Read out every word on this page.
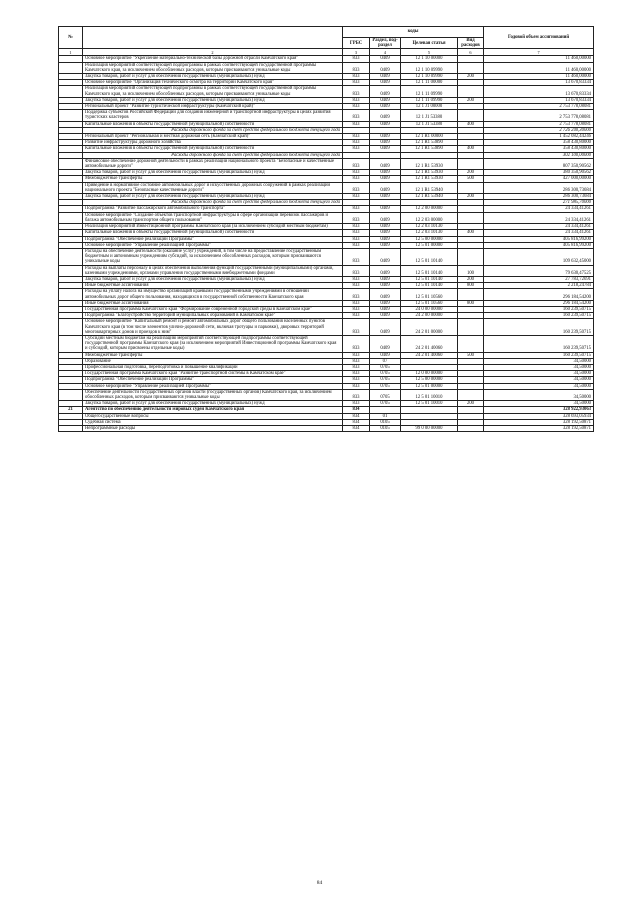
№		коды				Годовой объем ассигнований
		ГРБС	Раздел, под- раздел	Целевая статья	Вид расходов	
1	2	3	4	5	6	7
	Основное мероприятие "Укрепление материально-технической базы дорожной отрасли Камчатского края"	833	0409	12 1 10 00000		11 460,00000
	Реализация мероприятий соответствующей подпрограммы в рамках соответствующей государственной программы Камчатского края, за исключением обособленных расходов, которым присваиваются уникальные коды	833	0409	12 1 10 09990		11 460,00000
	Закупка товаров, работ и услуг для обеспечения государственных (муниципальных) нужд	833	0409	12 1 10 09990	200	11 460,00000
	Основное мероприятие "Организация технического осмотра на территории Камчатского края"	833	0409	12 1 11 00000		13 670,83334
	Реализация мероприятий соответствующей подпрограммы в рамках соответствующей государственной программы Камчатского края, за исключением обособленных расходов, которым присваиваются уникальные коды	833	0409	12 1 11 09990		13 670,83334
	Закупка товаров, работ и услуг для обеспечения государственных (муниципальных) нужд	833	0409	12 1 11 09990	200	13 670,83334
	Региональный проект "Развитие туристической инфраструктуры (Камчатский край)"	833	0409	12 1 J1 00000		2 753 778,08081
	Поддержка субъектов Российской Федерации для создания инженерной и транспортной инфраструктуры в целях развития туристских кластеров	833	0409	12 1 J1 53380		2 753 778,08081
	Капитальные вложения в объекты государственной (муниципальной) собственности	833	0409	12 1 J1 53380	400	2 753 778,08081
	Расходы дорожного фонда за счет средств федерального бюджета текущего года					2 726 240,30000
	Региональный проект "Региональная и местная дорожная сеть (Камчатский край)"	833	0409	12 1 R1 00000		1 452 082,44246
	Развитие инфраструктуры дорожного хозяйства	833	0409	12 1 R1 53890		358 430,80000
	Капитальные вложения в объекты государственной (муниципальной) собственности	833	0409	12 1 R1 53890	400	358 430,80000
	Расходы дорожного фонда за счет средств федерального бюджета текущего года					302 100,00000
	Финансовое обеспечение дорожной деятельности в рамках реализации национального проекта "Безопасные и качественные автомобильные дороги"	833	0409	12 1 R1 53930		807 350,90562
	Закупка товаров, работ и услуг для обеспечения государственных (муниципальных) нужд	833	0409	12 1 R1 53930	200	380 350,90562
	Межбюджетные трансферты	833	0409	12 1 R1 53930	500	427 000,00000
	Приведение в нормативное состояние автомобильных дорог и искусственных дорожных сооружений в рамках реализации национального проекта "Безопасные качественные дороги"	833	0409	12 1 R1 53940		286 300,73684
	Закупка товаров, работ и услуг для обеспечения государственных (муниципальных) нужд	833	0409	12 1 R1 53940	200	286 300,73684
	Расходы дорожного фонда за счет средств федерального бюджета текущего года					271 985,70000
	Подпрограмма "Развитие пассажирского автомобильного транспорта"	833	0409	12 2 00 00000		24 334,41261
	Основное мероприятие "Создание объектов транспортной инфраструктуры в сфере организации перевозок пассажиров и багажа автомобильным транспортом общего пользования"	833	0409	12 2 03 00000		24 334,41261
	Реализация мероприятий Инвестиционной программы Камчатского края (за исключением субсидий местным бюджетам)	833	0409	12 2 03 10130		24 334,41261
	Капитальные вложения в объекты государственной (муниципальной) собственности	833	0409	12 2 03 10130	400	24 334,41261
	Подпрограмма "Обеспечение реализации Программы"	833	0409	12 5 00 00000		405 816,99200
	Основное мероприятие "Управление реализацией Программы"	833	0409	12 5 01 00000		405 816,99200
	Расходы на обеспечение деятельности (оказание услуг) учреждений, в том числе на предоставление государственным бюджетным и автономным учреждениям субсидий, за исключением обособленных расходов, которым присваиваются уникальные коды	833	0409	12 5 01 10140		109 632,45000
	Расходы на выплаты персоналу в целях обеспечения выполнения функций государственными (муниципальными) органами, казенными учреждениями, органами управления государственными внебюджетными фондами	833	0409	12 5 01 10140	100	79 630,47525
	Закупка товаров, работ и услуг для обеспечения государственных (муниципальных) нужд	833	0409	12 5 01 10140	200	27 783,72691
	Иные бюджетные ассигнования	833	0409	12 5 01 10140	800	2 218,24784
	Расходы на уплату налога на имущество организаций краевыми государственными учреждениями в отношении автомобильных дорог общего пользования, находящихся в государственной собственности Камчатского края	833	0409	12 5 01 10560		296 184,54200
	Иные бюджетные ассигнования	833	0409	12 5 01 10560	800	296 184,54200
	Государственная программа Камчатского края "Формирование современной городской среды в Камчатском крае"	833	0409	24 0 00 00000		160 239,50715
	Подпрограмма "Благоустройство территорий муниципальных образований в Камчатском крае"	833	0409	24 2 00 00000		160 239,50715
	Основное мероприятие "Капитальный ремонт и ремонт автомобильных дорог общего пользования населенных пунктов Камчатского края (в том числе элементов улично-дорожной сети, включая тротуары и парковки), дворовых территорий многоквартирных домов и проездов к ним"	833	0409	24 2 01 00000		160 239,50715
	Субсидии местным бюджетам на реализацию мероприятий соответствующей подпрограммы соответствующей государственной программы Камчатского края (за исключением мероприятий Инвестиционной программы Камчатского края и субсидий, которым присвоены отдельные коды)	833	0409	24 2 01 40060		160 239,50715
	Межбюджетные трансферты	833	0409	24 2 01 40060	500	160 239,50715
	Образование	833	07			34,50000
	Профессиональная подготовка, переподготовка и повышение квалификации	833	0705			34,50000
	Государственная программа Камчатского края "Развитие транспортной системы в Камчатском крае"	833	0705	12 0 00 00000		34,50000
	Подпрограмма "Обеспечение реализации Программы"	833	0705	12 5 00 00000		34,50000
	Основное мероприятие "Управление реализацией Программы"	833	0705	12 5 01 00000		34,50000
	Обеспечение деятельности государственных органов власти (государственных органов) Камчатского края, за исключением обособленных расходов, которым присваиваются уникальные коды	833	0705	12 5 01 10010		34,50000
	Закупка товаров, работ и услуг для обеспечения государственных (муниципальных) нужд	833	0705	12 5 01 10010	200	34,50000
21	Агентство по обеспечению деятельности мировых судей Камчатского края	834				328 922,93063
	Общегосударственные вопросы	834	01			328 693,05934
	Судебная система	834	0105			328 192,50871
	Непрограммные расходы	834	0105	99 0 00 00000		328 192,50871
84
